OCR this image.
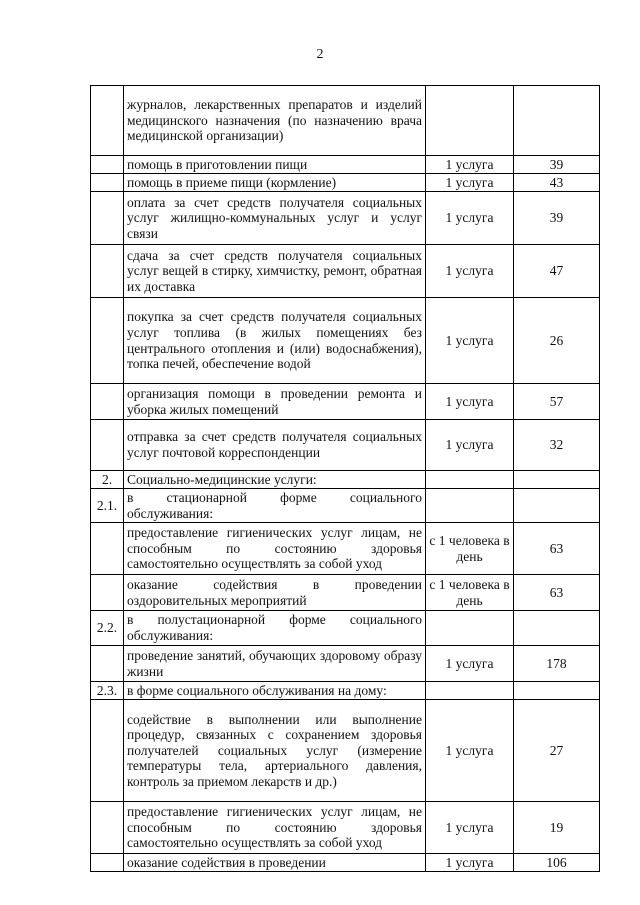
2
	журналов, лекарственных препаратов и изделий медицинского назначения (по назначению врача медицинской организации)		
	помощь в приготовлении пищи	1 услуга	39
	помощь в приеме пищи (кормление)	1 услуга	43
	оплата за счет средств получателя социальных услуг жилищно-коммунальных услуг и услуг связи	1 услуга	39
	сдача за счет средств получателя социальных услуг вещей в стирку, химчистку, ремонт, обратная их доставка	1 услуга	47
	покупка за счет средств получателя социальных услуг топлива (в жилых помещениях без центрального отопления и (или) водоснабжения), топка печей, обеспечение водой	1 услуга	26
	организация помощи в проведении ремонта и уборка жилых помещений	1 услуга	57
	отправка за счет средств получателя социальных услуг почтовой корреспонденции	1 услуга	32
2.	Социально-медицинские услуги:		
2.1.	в стационарной форме социального обслуживания:		
	предоставление гигиенических услуг лицам, не способным по состоянию здоровья самостоятельно осуществлять за собой уход	с 1 человека в день	63
	оказание содействия в проведении оздоровительных мероприятий	с 1 человека в день	63
2.2.	в полустационарной форме социального обслуживания:		
	проведение занятий, обучающих здоровому образу жизни	1 услуга	178
2.3.	в форме социального обслуживания на дому:		
	содействие в выполнении или выполнение процедур, связанных с сохранением здоровья получателей социальных услуг (измерение температуры тела, артериального давления, контроль за приемом лекарств и др.)	1 услуга	27
	предоставление гигиенических услуг лицам, не способным по состоянию здоровья самостоятельно осуществлять за собой уход	1 услуга	19
	оказание содействия в проведении	1 услуга	106
